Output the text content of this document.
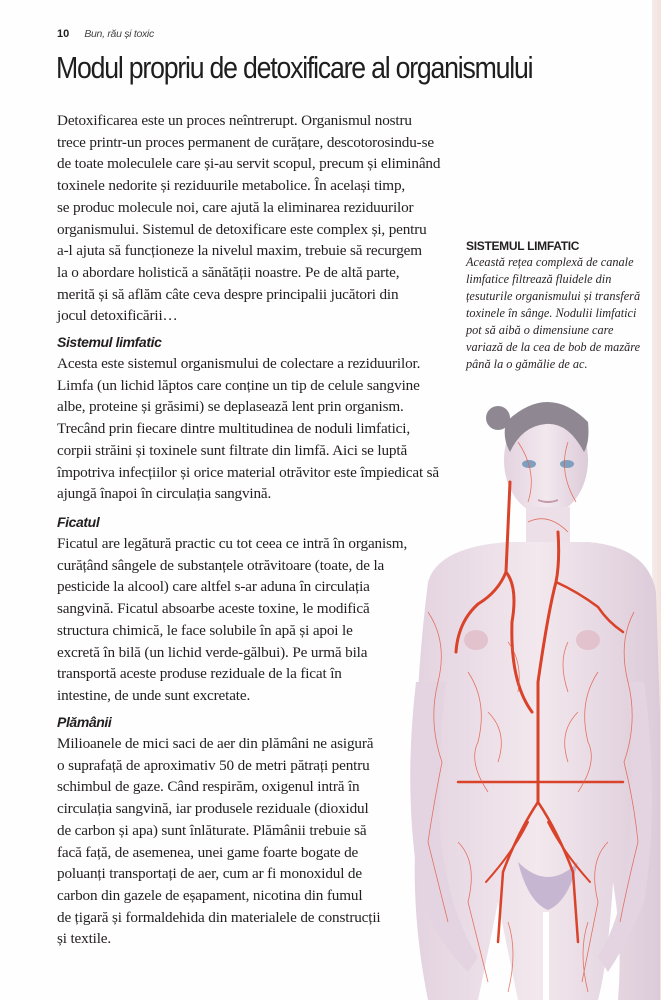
10 Bun, rău și toxic
Modul propriu de detoxificare al organismului

Detoxificarea este un proces neîntrerupt. Organismul nostru
trece printr-un proces permanent de curățare, descotorosindu-se
de toate moleculele care și-au servit scopul, precum și eliminând
toxinele nedorite și reziduurile metabolice. În același timp,
se produc molecule noi, care ajută la eliminarea reziduurilor
organismului. Sistemul de detoxificare este complex și, pentru
a-l ajuta să funcționeze la nivelul maxim, trebuie să recurgem
la o abordare holistică a sănătății noastre. Pe de altă parte,
merită și să aflăm câte ceva despre principalii jucători din
jocul detoxificării…

Sistemul limfatic

Acesta este sistemul organismului de colectare a reziduurilor.
Limfa (un lichid lăptos care conține un tip de celule sangvine
albe, proteine și grăsimi) se deplasează lent prin organism.
Trecând prin fiecare dintre multitudinea de noduli limfatici,
corpii străini și toxinele sunt filtrate din limfă. Aici se luptă
împotriva infecțiilor și orice material otrăvitor este împiedicat să
ajungă înapoi în circulația sangvină.

Ficatul

Ficatul are legătură practic cu tot ceea ce intră în organism,
curățând sângele de substanțele otrăvitoare (toate, de la
pesticide la alcool) care altfel s-ar aduna în circulația
sangvină. Ficatul absoarbe aceste toxine, le modifică
structura chimică, le face solubile în apă și apoi le
excretă în bilă (un lichid verde-gălbui). Pe urmă bila
transportă aceste produse reziduale de la ficat în
intestine, de unde sunt excretate.

Plămânii

Milioanele de mici saci de aer din plămâni ne asigură
o suprafață de aproximativ 50 de metri pătrați pentru
schimbul de gaze. Când respirăm, oxigenul intră în
circulația sangvină, iar produsele reziduale (dioxidul
de carbon și apa) sunt înlăturate. Plămânii trebuie să
facă față, de asemenea, unei game foarte bogate de
poluanți transportați de aer, cum ar fi monoxidul de
carbon din gazele de eșapament, nicotina din fumul
de țigară și formaldehida din materialele de construcții
și textile.

SISTEMUL LIMFATIC

Această rețea complexă de canale
limfatice filtrează fluidele din
țesuturile organismului și transferă
toxinele în sânge. Nodulii limfatici
pot să aibă o dimensiune care
variază de la cea de bob de mazăre
până la o gămălie de ac.
